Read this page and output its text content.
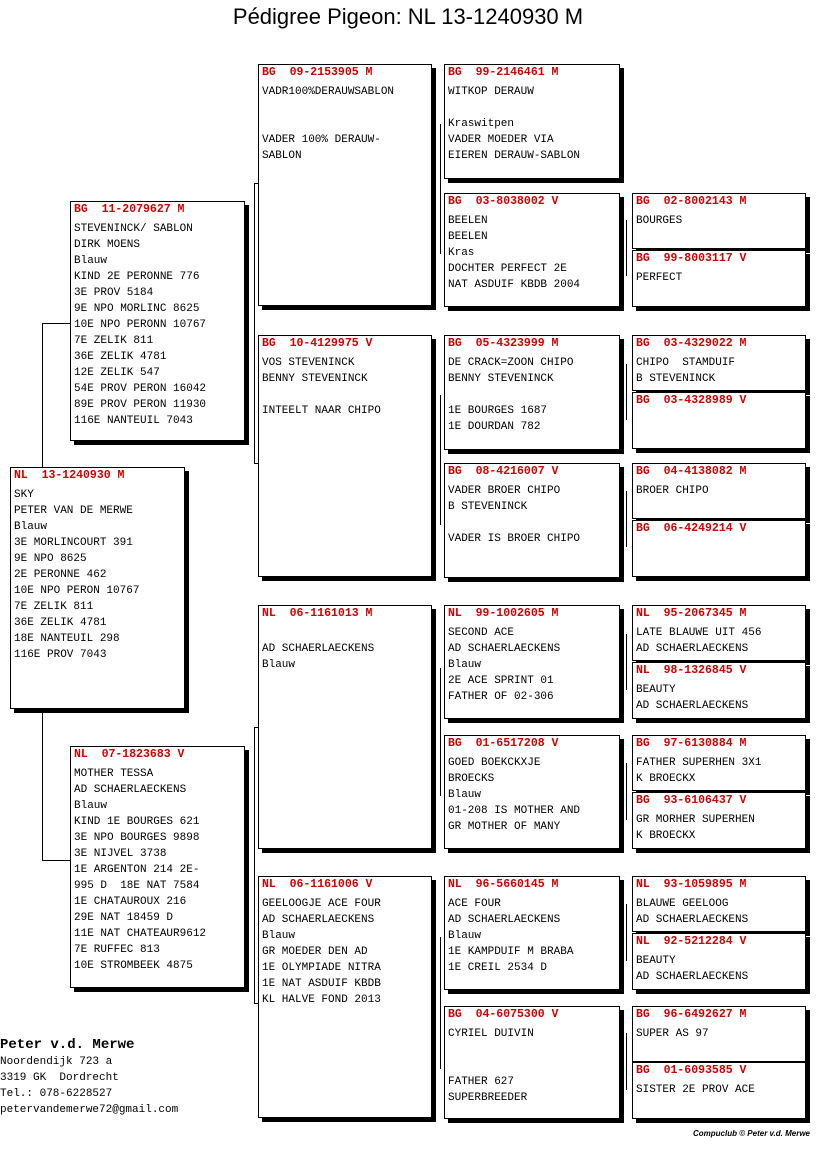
Pédigree Pigeon: NL 13-1240930 M
NL  13-1240930 M
SKY
PETER VAN DE MERWE
Blauw
3E MORLINCOURT 391
9E NPO 8625
2E PERONNE 462
10E NPO PERON 10767
7E ZELIK 811
36E ZELIK 4781
18E NANTEUIL 298
116E PROV 7043
BG  11-2079627 M
STEVENINCK/ SABLON
DIRK MOENS
Blauw
KIND 2E PERONNE 776
3E PROV 5184
9E NPO MORLINC 8625
10E NPO PERONN 10767
7E ZELIK 811
36E ZELIK 4781
12E ZELIK 547
54E PROV PERON 16042
89E PROV PERON 11930
116E NANTEUIL 7043
NL  07-1823683 V
MOTHER TESSA
AD SCHAERLAECKENS
Blauw
KIND 1E BOURGES 621
3E NPO BOURGES 9898
3E NIJVEL 3738
1E ARGENTON 214 2E-
995 D  18E NAT 7584
1E CHATAUROUX 216
29E NAT 18459 D
11E NAT CHATEAUR9612
7E RUFFEC 813
10E STROMBEEK 4875
BG  09-2153905 M
VADR100%DERAUWSABLON
VADER 100% DERAUW-
SABLON
BG  10-4129975 V
VOS STEVENINCK
BENNY STEVENINCK
INTEELT NAAR CHIPO
NL  06-1161013 M
AD SCHAERLAECKENS
Blauw
NL  06-1161006 V
GEELOOGJE ACE FOUR
AD SCHAERLAECKENS
Blauw
GR MOEDER DEN AD
1E OLYMPIADE NITRA
1E NAT ASDUIF KBDB
KL HALVE FOND 2013
BG  99-2146461 M
WITKOP DERAUW
Kraswitpen
VADER MOEDER VIA
EIEREN DERAUW-SABLON
BG  03-8038002 V
BEELEN
BEELEN
Kras
DOCHTER PERFECT 2E
NAT ASDUIF KBDB 2004
BG  05-4323999 M
DE CRACK=ZOON CHIPO
BENNY STEVENINCK
1E BOURGES 1687
1E DOURDAN 782
BG  08-4216007 V
VADER BROER CHIPO
B STEVENINCK
VADER IS BROER CHIPO
NL  99-1002605 M
SECOND ACE
AD SCHAERLAECKENS
Blauw
2E ACE SPRINT 01
FATHER OF 02-306
BG  01-6517208 V
GOED BOEKCKXJE
BROECKS
Blauw
01-208 IS MOTHER AND
GR MOTHER OF MANY
NL  96-5660145 M
ACE FOUR
AD SCHAERLAECKENS
Blauw
1E KAMPDUIF M BRABA
1E CREIL 2534 D
BG  04-6075300 V
CYRIEL DUIVIN
FATHER 627
SUPERBREEDER
BG  02-8002143 M
BOURGES
BG  99-8003117 V
PERFECT
BG  03-4329022 M
CHIPO  STAMDUIF
B STEVENINCK
BG  03-4328989 V
BG  04-4138082 M
BROER CHIPO
BG  06-4249214 V
NL  95-2067345 M
LATE BLAUWE UIT 456
AD SCHAERLAECKENS
NL  98-1326845 V
BEAUTY
AD SCHAERLAECKENS
BG  97-6130884 M
FATHER SUPERHEN 3X1
K BROECKX
BG  93-6106437 V
GR MORHER SUPERHEN
K BROECKX
NL  93-1059895 M
BLAUWE GEELOOG
AD SCHAERLAECKENS
NL  92-5212284 V
BEAUTY
AD SCHAERLAECKENS
BG  96-6492627 M
SUPER AS 97
BG  01-6093585 V
SISTER 2E PROV ACE
Peter v.d. Merwe
Noordendijk 723 a
3319 GK  Dordrecht
Tel.: 078-6228527
petervandemerwe72@gmail.com
Compuclub © Peter v.d. Merwe
